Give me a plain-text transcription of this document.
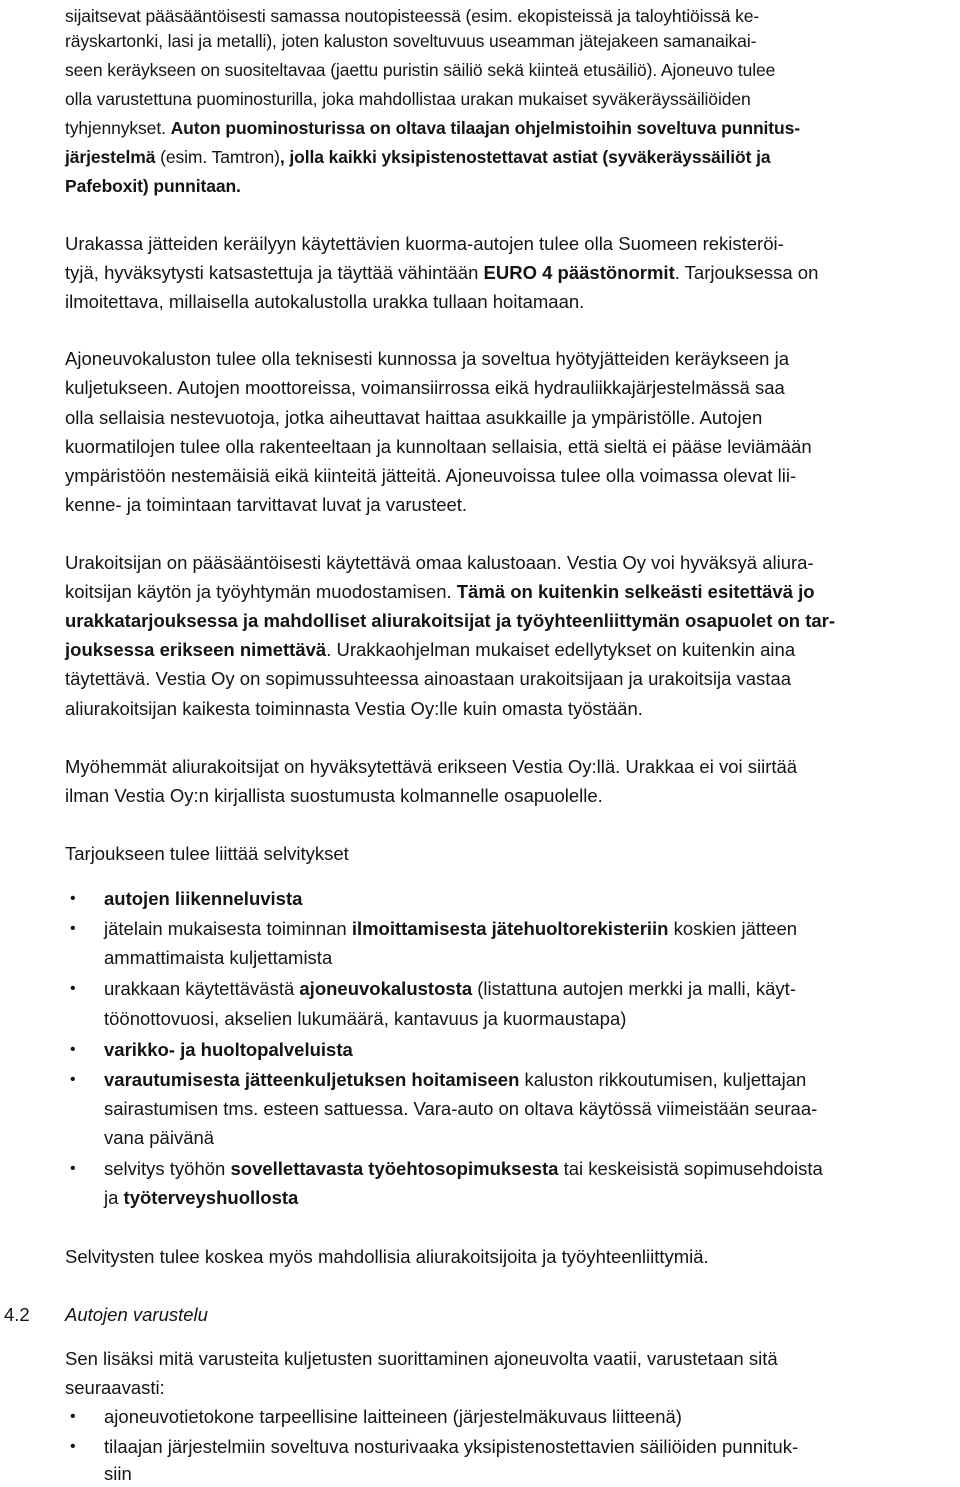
sijaitsevat pääsääntöisesti samassa noutopisteessä (esim. ekopisteissä ja taloyhtiöissä ke-
räyskartonki, lasi ja metalli), joten kaluston soveltuvuus useamman jätejakeen samanaikai-
seen keräykseen on suositeltavaa (jaettu puristin säiliö sekä kiinteä etusäiliö). Ajoneuvo tulee
olla varustettuna puominosturilla, joka mahdollistaa urakan mukaiset syväkeräyssäiliöiden
tyhjennykset. Auton puominosturissa on oltava tilaajan ohjelmistoihin soveltuva punnitus-
järjestelmä (esim. Tamtron), jolla kaikki yksipistenostettavat astiat (syväkeräyssäiliöt ja
Pafeboxit) punnitaan.
Urakassa jätteiden keräilyyn käytettävien kuorma-autojen tulee olla Suomeen rekisteröi-
tyjä, hyväksytysti katsastettuja ja täyttää vähintään EURO 4 päästönormit. Tarjouksessa on
ilmoitettava, millaisella autokalustolla urakka tullaan hoitamaan.
Ajoneuvokaluston tulee olla teknisesti kunnossa ja soveltua hyötyjätteiden keräykseen ja
kuljetukseen. Autojen moottoreissa, voimansiirrossa eikä hydrauliikkajärjestelmässä saa
olla sellaisia nestevuotoja, jotka aiheuttavat haittaa asukkaille ja ympäristölle. Autojen
kuormatilojen tulee olla rakenteeltaan ja kunnoltaan sellaisia, että sieltä ei pääse leviämään
ympäristöön nestemäisiä eikä kiinteitä jätteitä. Ajoneuvoissa tulee olla voimassa olevat lii-
kenne- ja toimintaan tarvittavat luvat ja varusteet.
Urakoitsijan on pääsääntöisesti käytettävä omaa kalustoaan. Vestia Oy voi hyväksyä aliura-
koitsijan käytön ja työyhtymän muodostamisen. Tämä on kuitenkin selkeästi esitettävä jo
urakkatarjouksessa ja mahdolliset aliurakoitsijat ja työyhteenliittymän osapuolet on tar-
jouksessa erikseen nimettävä. Urakkaohjelman mukaiset edellytykset on kuitenkin aina
täytettävä. Vestia Oy on sopimussuhteessa ainoastaan urakoitsijaan ja urakoitsija vastaa
aliurakoitsijan kaikesta toiminnasta Vestia Oy:lle kuin omasta työstään.
Myöhemmät aliurakoitsijat on hyväksytettävä erikseen Vestia Oy:llä. Urakkaa ei voi siirtää
ilman Vestia Oy:n kirjallista suostumusta kolmannelle osapuolelle.
Tarjoukseen tulee liittää selvitykset
• autojen liikenneluvista
• jätelain mukaisesta toiminnan ilmoittamisesta jätehuoltorekisteriin koskien jätteen
ammattimaista kuljettamista
• urakkaan käytettävästä ajoneuvokalustosta (listattuna autojen merkki ja malli, käyt-
töönottovuosi, akselien lukumäärä, kantavuus ja kuormaustapa)
• varikko- ja huoltopalveluista
• varautumisesta jätteenkuljetuksen hoitamiseen kaluston rikkoutumisen, kuljettajan
sairastumisen tms. esteen sattuessa. Vara-auto on oltava käytössä viimeistään seuraa-
vana päivänä
• selvitys työhön sovellettavasta työehtosopimuksesta tai keskeisistä sopimusehdoista
ja työterveyshuollosta
Selvitysten tulee koskea myös mahdollisia aliurakoitsijoita ja työyhteenliittymiä.
4.2 Autojen varustelu
Sen lisäksi mitä varusteita kuljetusten suorittaminen ajoneuvolta vaatii, varustetaan sitä
seuraavasti:
• ajoneuvotietokone tarpeellisine laitteineen (järjestelmäkuvaus liitteenä)
• tilaajan järjestelmiin soveltuva nosturivaaka yksipistenostettavien säiliöiden punnituk-
siin
